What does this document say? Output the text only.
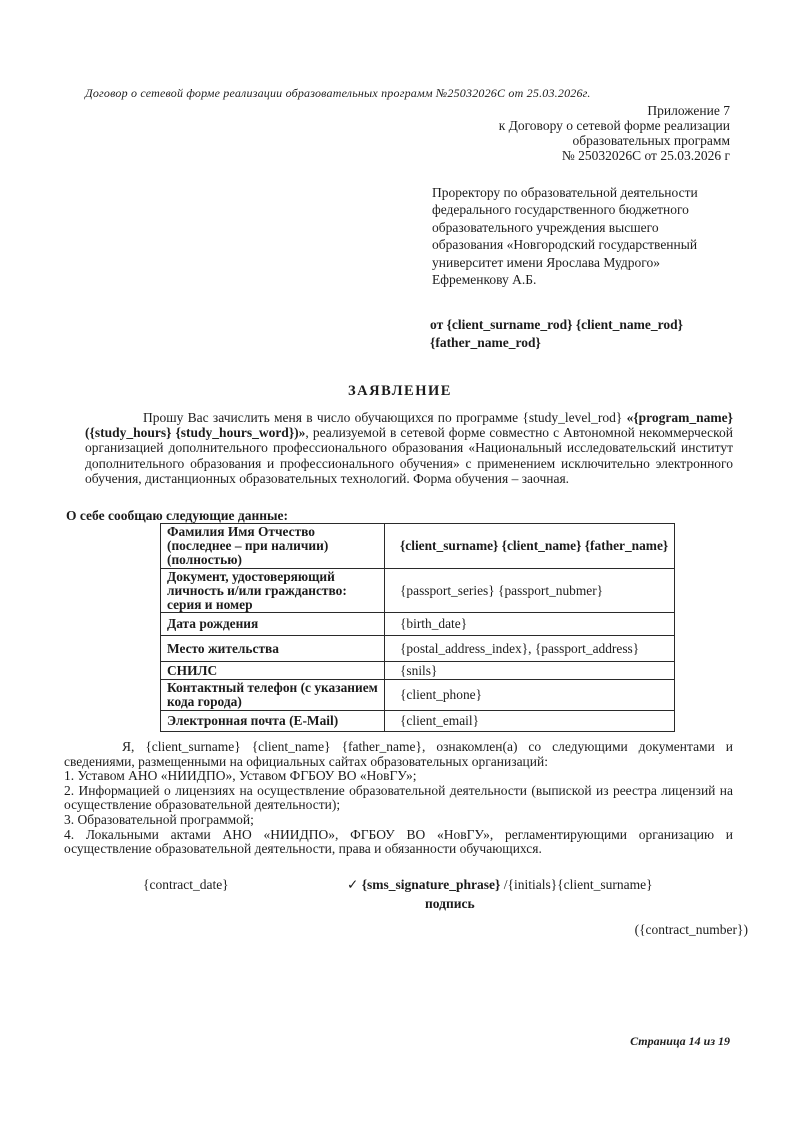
Договор о сетевой форме реализации образовательных программ №25032026С от 25.03.2026г.
Приложение 7
к Договору о сетевой форме реализации
образовательных программ
№ 25032026С от 25.03.2026 г
Проректору по образовательной деятельности
федерального государственного бюджетного
образовательного учреждения высшего
образования «Новгородский государственный
университет имени Ярослава Мудрого»
Ефременкову А.Б.
от {client_surname_rod} {client_name_rod}
{father_name_rod}
ЗАЯВЛЕНИЕ

Прошу Вас зачислить меня в число обучающихся по программе {study_level_rod} «{program_name} ({study_hours} {study_hours_word})», реализуемой в сетевой форме совместно с Автономной некоммерческой организацией дополнительного профессионального образования «Национальный исследовательский институт дополнительного образования и профессионального обучения» с применением исключительно электронного обучения, дистанционных образовательных технологий. Форма обучения – заочная.

О себе сообщаю следующие данные:
Фамилия Имя Отчество (последнее – при наличии) (полностью)	{client_surname} {client_name} {father_name}
Документ, удостоверяющий личность и/или гражданство: серия и номер	{passport_series} {passport_nubmer}
Дата рождения	{birth_date}
Место жительства	{postal_address_index}, {passport_address}
СНИЛС	{snils}
Контактный телефон (с указанием кода города)	{client_phone}
Электронная почта (E-Mail)	{client_email}
Я, {client_surname} {client_name} {father_name}, ознакомлен(а) со следующими документами и сведениями, размещенными на официальных сайтах образовательных организаций:
1. Уставом АНО «НИИДПО», Уставом ФГБОУ ВО «НовГУ»;
2. Информацией о лицензиях на осуществление образовательной деятельности (выпиской из реестра лицензий на осуществление образовательной деятельности);
3. Образовательной программой;
4. Локальными актами АНО «НИИДПО», ФГБОУ ВО «НовГУ», регламентирующими организацию и осуществление образовательной деятельности, права и обязанности обучающихся.
{contract_date}	✓ {sms_signature_phrase} /{initials}{client_surname}
подпись
({contract_number})
Страница 14 из 19
